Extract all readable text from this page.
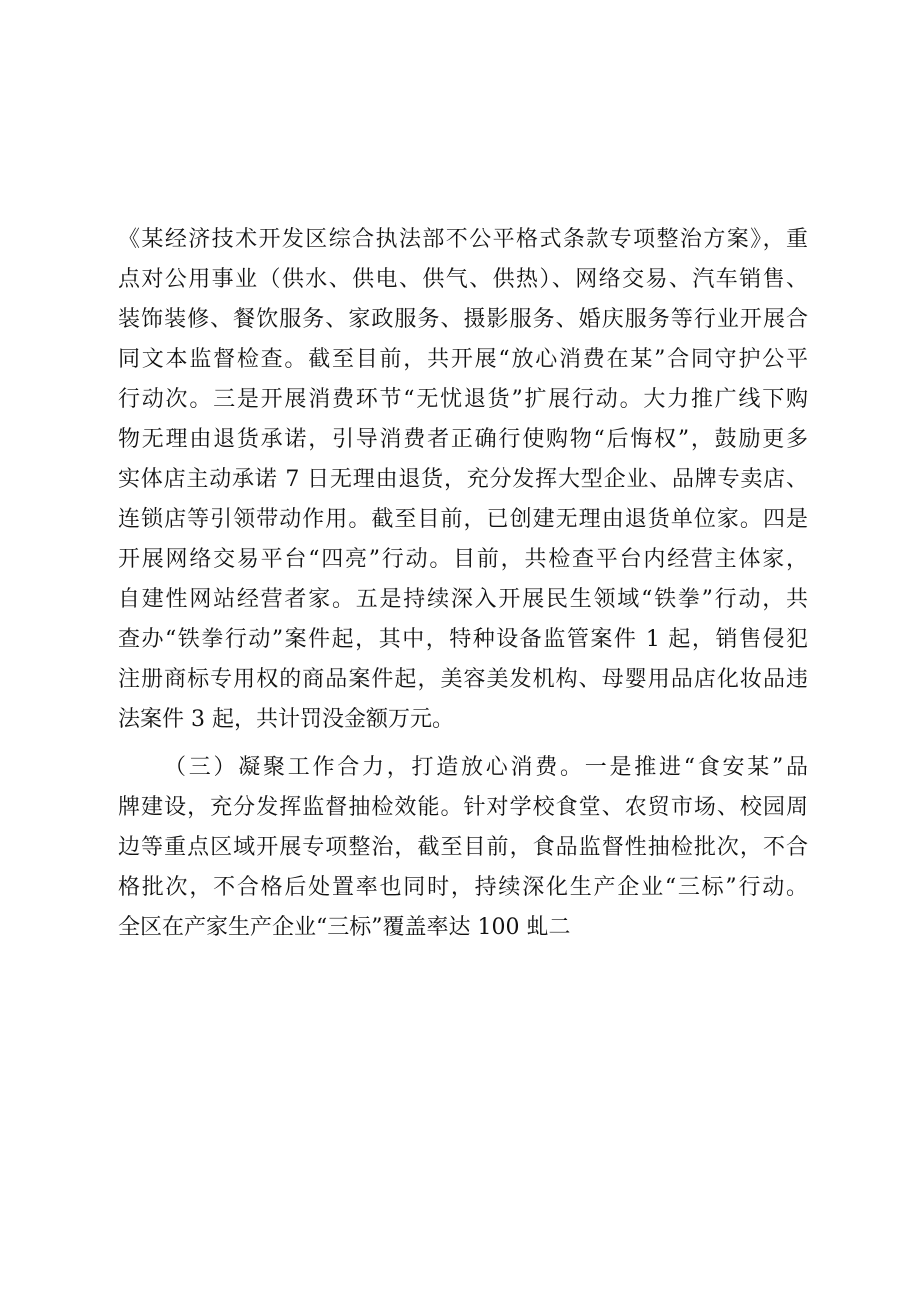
《某经济技术开发区综合执法部不公平格式条款专项整治方案》，重
点对公用事业（供水、供电、供气、供热）、网络交易、汽车销售、
装饰装修、餐饮服务、家政服务、摄影服务、婚庆服务等行业开展合
同文本监督检查。截至目前，共开展“放心消费在某”合同守护公平
行动次。三是开展消费环节“无忧退货”扩展行动。大力推广线下购
物无理由退货承诺，引导消费者正确行使购物“后悔权”，鼓励更多
实体店主动承诺 7 日无理由退货，充分发挥大型企业、品牌专卖店、
连锁店等引领带动作用。截至目前，已创建无理由退货单位家。四是
开展网络交易平台“四亮”行动。目前，共检查平台内经营主体家，
自建性网站经营者家。五是持续深入开展民生领域“铁拳”行动，共
查办“铁拳行动”案件起，其中，特种设备监管案件 1 起，销售侵犯
注册商标专用权的商品案件起，美容美发机构、母婴用品店化妆品违
法案件 3 起，共计罚没金额万元。
（三）凝聚工作合力，打造放心消费。一是推进“食安某”品
牌建设，充分发挥监督抽检效能。针对学校食堂、农贸市场、校园周
边等重点区域开展专项整治，截至目前，食品监督性抽检批次，不合
格批次，不合格后处置率也同时，持续深化生产企业“三标”行动。
全区在产家生产企业“三标”覆盖率达 100 虬二
